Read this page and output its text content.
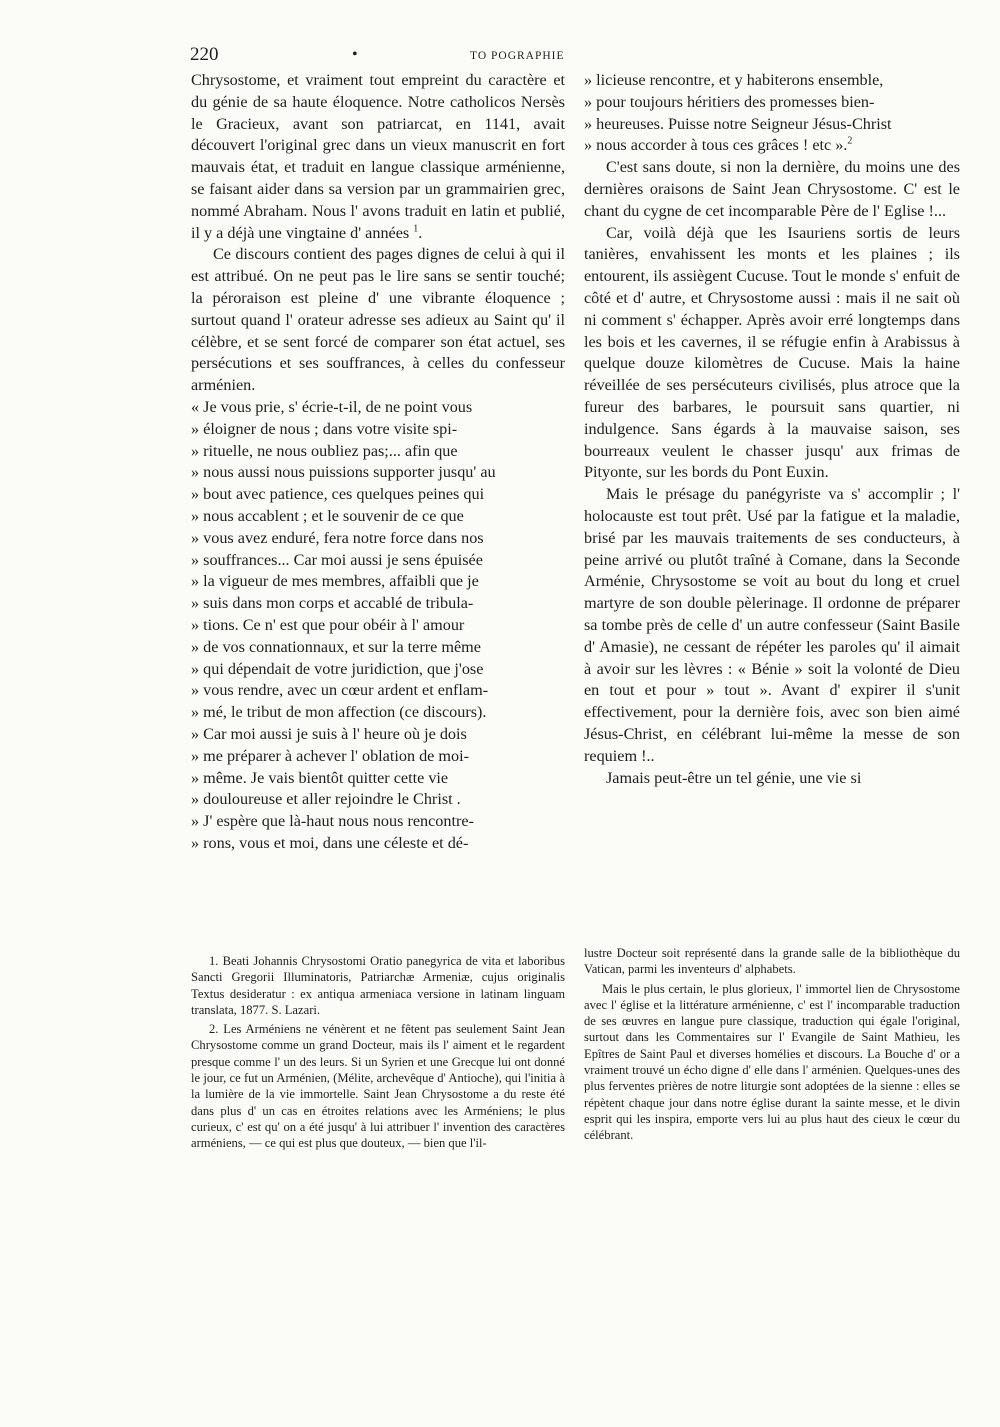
220	•	TO POGRAPHIE

Chrysostome, et vraiment tout empreint du caractère et du génie de sa haute éloquence. Notre catholicos Nersès le Gracieux, avant son patriarcat, en 1141, avait découvert l'original grec dans un vieux manuscrit en fort mauvais état, et traduit en langue classique arménienne, se faisant aider dans sa version par un grammairien grec, nommé Abraham. Nous l' avons traduit en latin et publié, il y a déjà une vingtaine d' années $^1$.

Ce discours contient des pages dignes de celui à qui il est attribué. On ne peut pas le lire sans se sentir touché; la péroraison est pleine d' une vibrante éloquence ; surtout quand l' orateur adresse ses adieux au Saint qu' il célèbre, et se sent forcé de comparer son état actuel, ses persécutions et ses souffrances, à celles du confesseur arménien.

« Je vous prie, s' écrie-t-il, de ne point vous
» éloigner de nous ; dans votre visite spi-
» rituelle, ne nous oubliez pas;... afin que
» nous aussi nous puissions supporter jusqu' au
» bout avec patience, ces quelques peines qui
» nous accablent ; et le souvenir de ce que
» vous avez enduré, fera notre force dans nos
» souffrances... Car moi aussi je sens épuisée
» la vigueur de mes membres, affaibli que je
» suis dans mon corps et accablé de tribula-
» tions. Ce n' est que pour obéir à l' amour
» de vos connationnaux, et sur la terre même
» qui dépendait de votre juridiction, que j'ose
» vous rendre, avec un cœur ardent et enflam-
» mé, le tribut de mon affection (ce discours).
» Car moi aussi je suis à l' heure où je dois
» me préparer à achever l' oblation de moi-
» même. Je vais bientôt quitter cette vie
» douloureuse et aller rejoindre le Christ .
» J' espère que là-haut nous nous rencontre-
» rons, vous et moi, dans une céleste et dé-
» licieuse rencontre, et y habiterons ensemble,
» pour toujours héritiers des promesses bien-
» heureuses. Puisse notre Seigneur Jésus-Christ
» nous accorder à tous ces grâces ! etc ».$^2$

C'est sans doute, si non la dernière, du moins une des dernières oraisons de Saint Jean Chrysostome. C' est le chant du cygne de cet incomparable Père de l' Eglise !...

Car, voilà déjà que les Isauriens sortis de leurs tanières, envahissent les monts et les plaines ; ils entourent, ils assiègent Cucuse. Tout le monde s' enfuit de côté et d' autre, et Chrysostome aussi : mais il ne sait où ni comment s' échapper. Après avoir erré longtemps dans les bois et les cavernes, il se réfugie enfin à Arabissus à quelque douze kilomètres de Cucuse. Mais la haine réveillée de ses persécuteurs civilisés, plus atroce que la fureur des barbares, le poursuit sans quartier, ni indulgence. Sans égards à la mauvaise saison, ses bourreaux veulent le chasser jusqu' aux frimas de Pityonte, sur les bords du Pont Euxin.

Mais le présage du panégyriste va s' accomplir ; l' holocauste est tout prêt. Usé par la fatigue et la maladie, brisé par les mauvais traitements de ses conducteurs, à peine arrivé ou plutôt traîné à Comane, dans la Seconde Arménie, Chrysostome se voit au bout du long et cruel martyre de son double pèlerinage. Il ordonne de préparer sa tombe près de celle d' un autre confesseur (Saint Basile d' Amasie), ne cessant de répéter les paroles qu' il aimait à avoir sur les lèvres : « Bénie » soit la volonté de Dieu en tout et pour » tout ». Avant d' expirer il s'unit effectivement, pour la dernière fois, avec son bien aimé Jésus-Christ, en célébrant lui-même la messe de son requiem !..

Jamais peut-être un tel génie, une vie si

1. Beati Johannis Chrysostomi Oratio panegyrica de vita et laboribus Sancti Gregorii Illuminatoris, Patriarchæ Armeniæ, cujus originalis Textus desideratur : ex antiqua armeniaca versione in latinam linguam translata, 1877. S. Lazari.

2. Les Arméniens ne vénèrent et ne fêtent pas seulement Saint Jean Chrysostome comme un grand Docteur, mais ils l' aiment et le regardent presque comme l' un des leurs. Si un Syrien et une Grecque lui ont donné le jour, ce fut un Arménien, (Mélite, archevêque d' Antioche), qui l'initia à la lumière de la vie immortelle. Saint Jean Chrysostome a du reste été dans plus d' un cas en étroites relations avec les Arméniens; le plus curieux, c' est qu' on a été jusqu' à lui attribuer l' invention des caractères arméniens, — ce qui est plus que douteux, — bien que l'il-

lustre Docteur soit représenté dans la grande salle de la bibliothèque du Vatican, parmi les inventeurs d' alphabets.

Mais le plus certain, le plus glorieux, l' immortel lien de Chrysostome avec l' église et la littérature arménienne, c' est l' incomparable traduction de ses œuvres en langue pure classique, traduction qui égale l'original, surtout dans les Commentaires sur l' Evangile de Saint Mathieu, les Epîtres de Saint Paul et diverses homélies et discours. La Bouche d' or a vraiment trouvé un écho digne d' elle dans l' arménien. Quelques-unes des plus ferventes prières de notre liturgie sont adoptées de la sienne : elles se répètent chaque jour dans notre église durant la sainte messe, et le divin esprit qui les inspira, emporte vers lui au plus haut des cieux le cœur du célébrant.
